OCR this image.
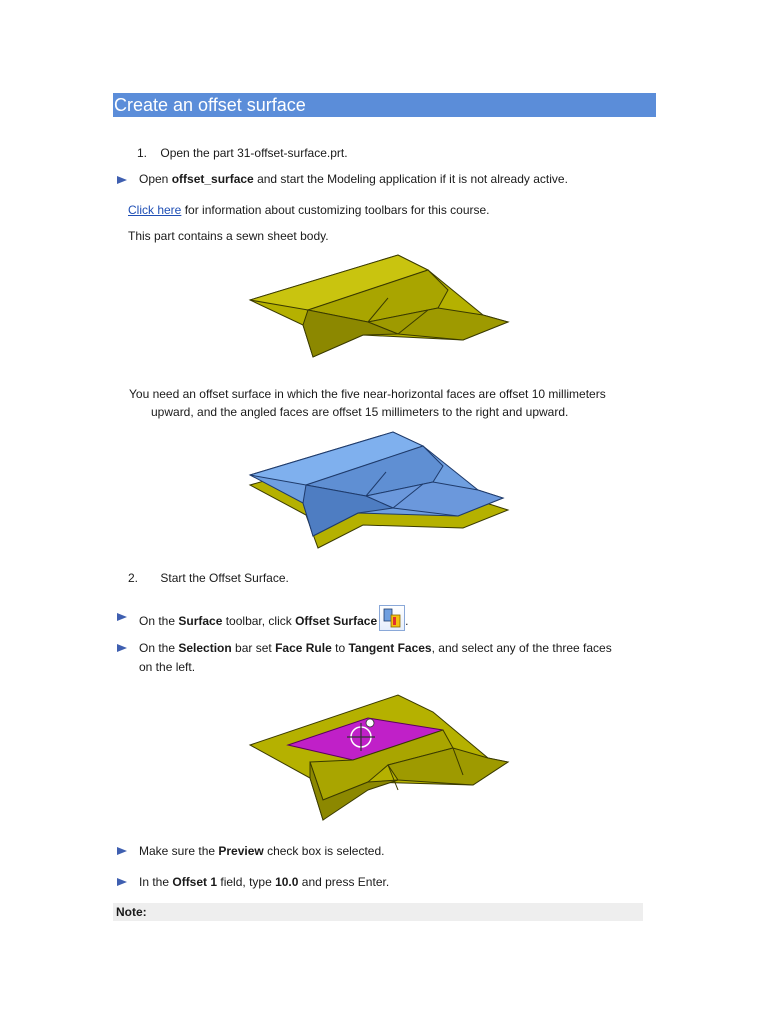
Create an offset surface
1. Open the part 31-offset-surface.prt.
Open offset_surface and start the Modeling application if it is not already active.
Click here for information about customizing toolbars for this course.
This part contains a sewn sheet body.
You need an offset surface in which the five near-horizontal faces are offset 10 millimeters
upward, and the angled faces are offset 15 millimeters to the right and upward.
2. Start the Offset Surface.
On the Surface toolbar, click Offset Surface .
On the Selection bar set Face Rule to Tangent Faces, and select any of the three faces
on the left.
Make sure the Preview check box is selected.
In the Offset 1 field, type 10.0 and press Enter.
Note:
